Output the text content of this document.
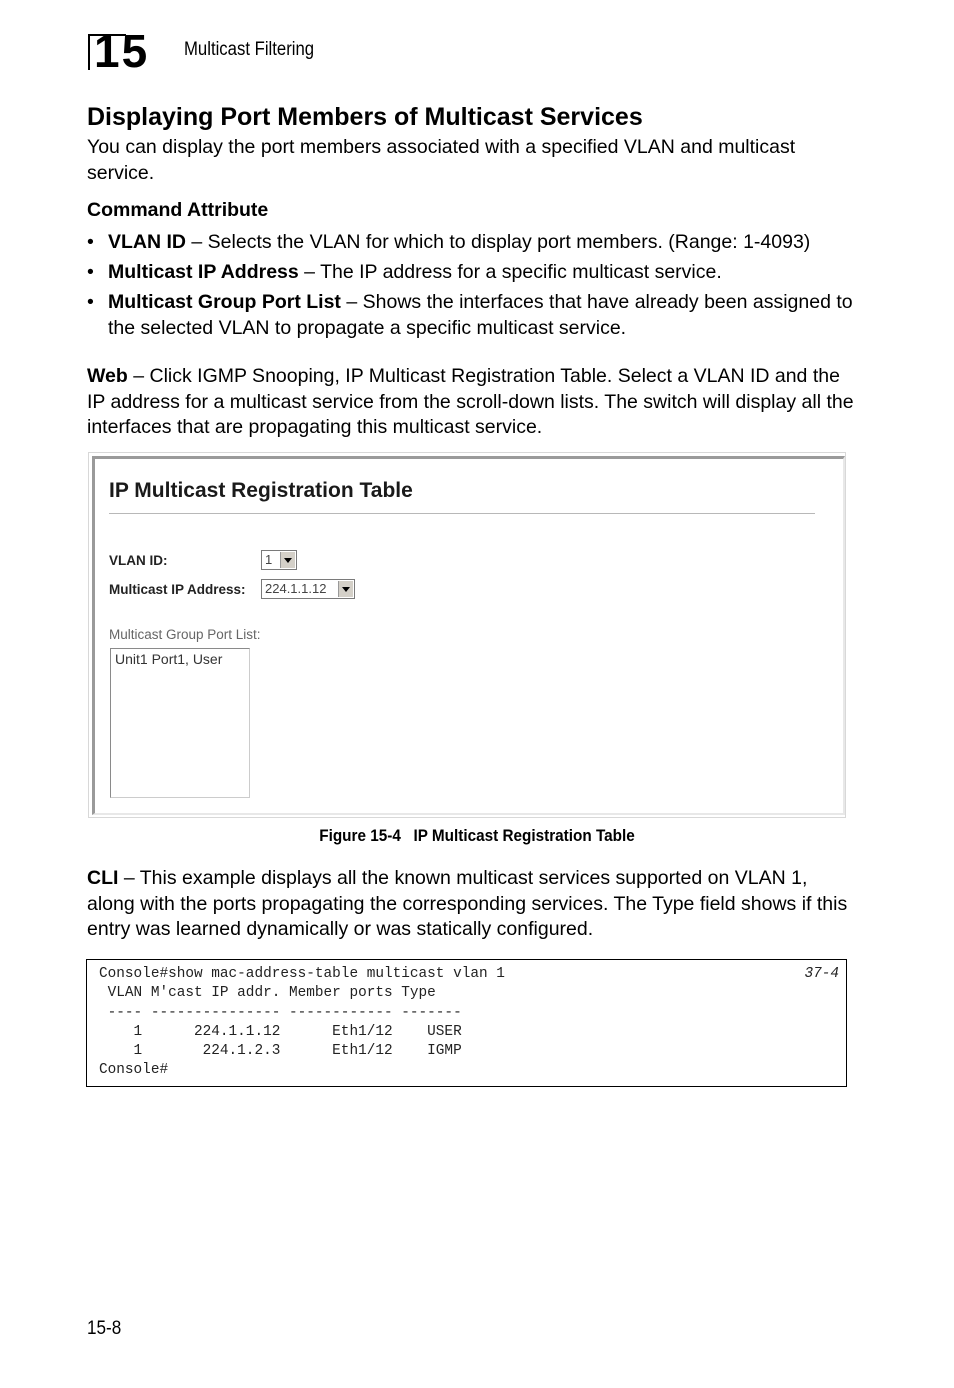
15 Multicast Filtering
Displaying Port Members of Multicast Services

You can display the port members associated with a specified VLAN and multicast service.

Command Attribute

• VLAN ID – Selects the VLAN for which to display port members. (Range: 1-4093)
• Multicast IP Address – The IP address for a specific multicast service.
• Multicast Group Port List – Shows the interfaces that have already been assigned to the selected VLAN to propagate a specific multicast service.

Web – Click IGMP Snooping, IP Multicast Registration Table. Select a VLAN ID and the IP address for a multicast service from the scroll-down lists. The switch will display all the interfaces that are propagating this multicast service.

IP Multicast Registration Table
VLAN ID:	1
Multicast IP Address:	224.1.1.12
Multicast Group Port List:
Unit1 Port1, User
Figure 15-4 IP Multicast Registration Table

CLI – This example displays all the known multicast services supported on VLAN 1, along with the ports propagating the corresponding services. The Type field shows if this entry was learned dynamically or was statically configured.

Console#show mac-address-table multicast vlan 1
VLAN M'cast IP addr. Member ports Type
---- --------------- ------------ -------
1      224.1.1.12      Eth1/12    USER
1       224.1.2.3      Eth1/12    IGMP
Console#
37-4
15-8
